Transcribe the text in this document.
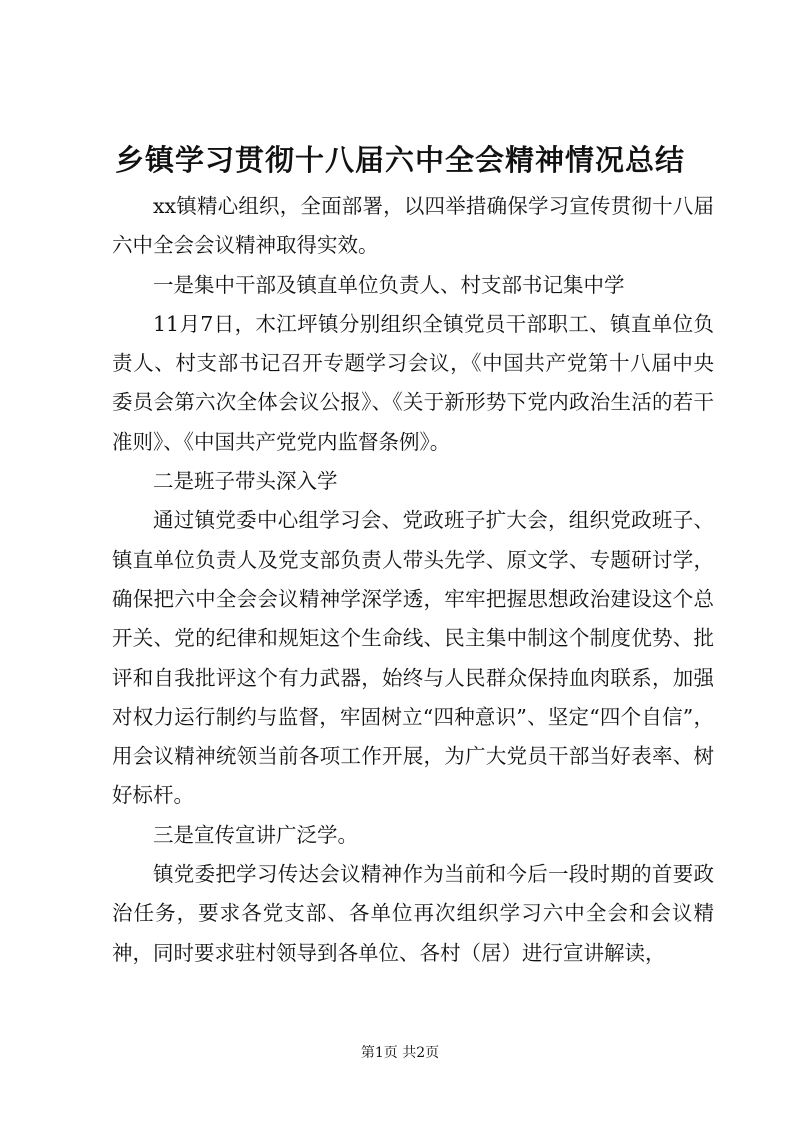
乡镇学习贯彻十八届六中全会精神情况总结

xx镇精心组织，全面部署，以四举措确保学习宣传贯彻十八届六中全会会议精神取得实效。

一是集中干部及镇直单位负责人、村支部书记集中学

11月7日，木江坪镇分别组织全镇党员干部职工、镇直单位负责人、村支部书记召开专题学习会议，《中国共产党第十八届中央委员会第六次全体会议公报》、《关于新形势下党内政治生活的若干准则》、《中国共产党党内监督条例》。

二是班子带头深入学

通过镇党委中心组学习会、党政班子扩大会，组织党政班子、镇直单位负责人及党支部负责人带头先学、原文学、专题研讨学，确保把六中全会会议精神学深学透，牢牢把握思想政治建设这个总开关、党的纪律和规矩这个生命线、民主集中制这个制度优势、批评和自我批评这个有力武器，始终与人民群众保持血肉联系，加强对权力运行制约与监督，牢固树立“四种意识”、坚定“四个自信”，用会议精神统领当前各项工作开展，为广大党员干部当好表率、树好标杆。

三是宣传宣讲广泛学。

镇党委把学习传达会议精神作为当前和今后一段时期的首要政治任务，要求各党支部、各单位再次组织学习六中全会和会议精神，同时要求驻村领导到各单位、各村（居）进行宣讲解读，

第1页 共2页
